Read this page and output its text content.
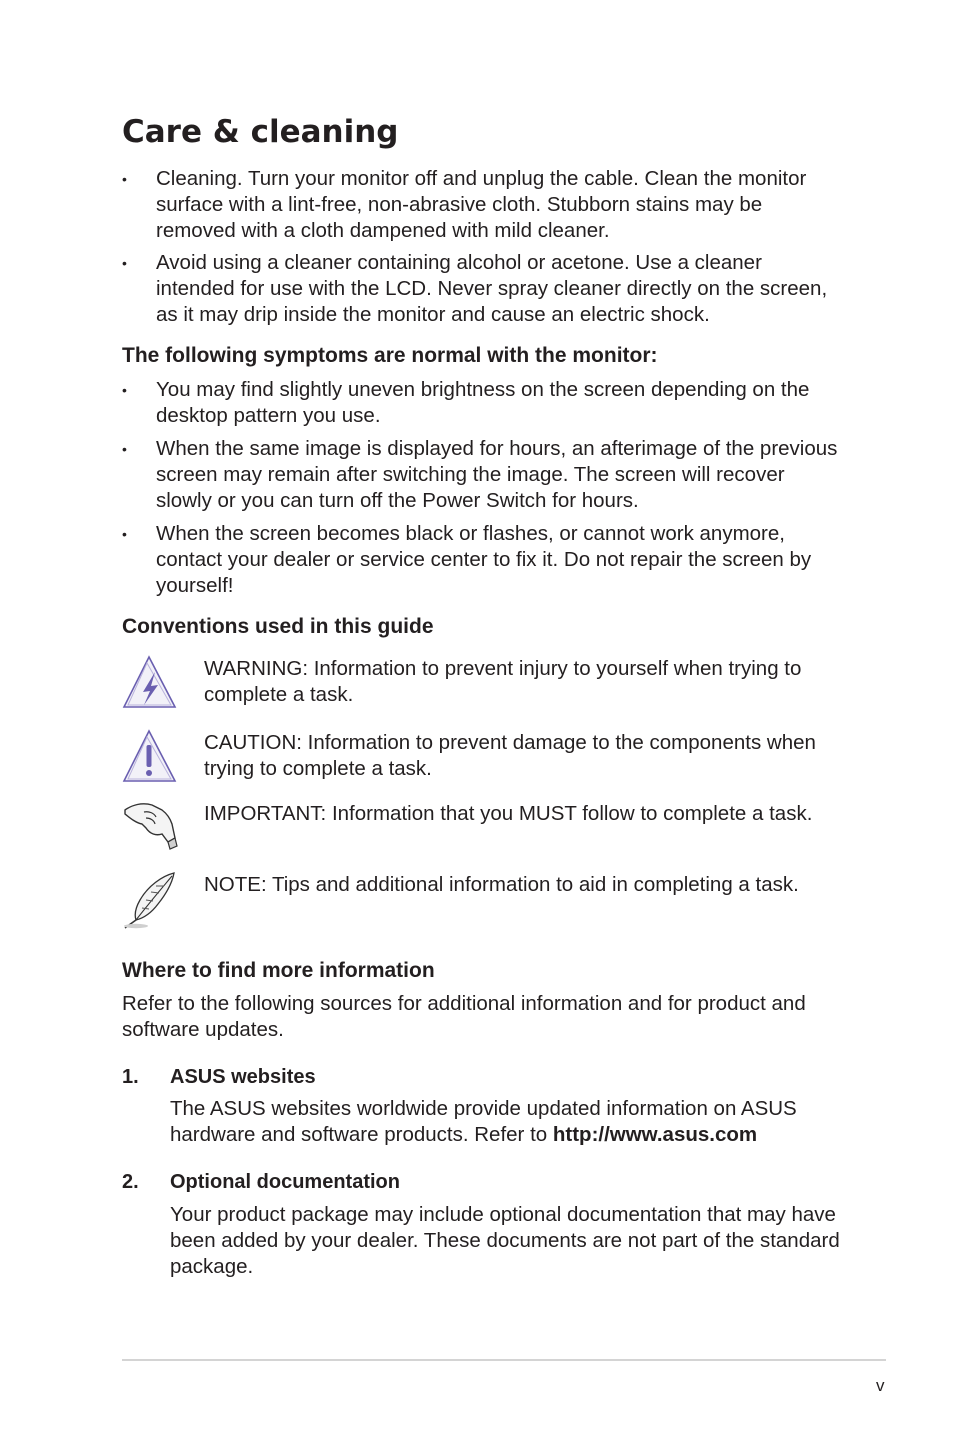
Care & cleaning
•	Cleaning. Turn your monitor off and unplug the cable. Clean the monitor surface with a lint-free, non-abrasive cloth. Stubborn stains may be removed with a cloth dampened with mild cleaner.
•	Avoid using a cleaner containing alcohol or acetone. Use a cleaner intended for use with the LCD. Never spray cleaner directly on the screen, as it may drip inside the monitor and cause an electric shock.
The following symptoms are normal with the monitor:
•	You may find slightly uneven brightness on the screen depending on the desktop pattern you use.
•	When the same image is displayed for hours, an afterimage of the previous screen may remain after switching the image. The screen will recover slowly or you can turn off the Power Switch for hours.
•	When the screen becomes black or flashes, or cannot work anymore, contact your dealer or service center to fix it. Do not repair the screen by yourself!
Conventions used in this guide
WARNING: Information to prevent injury to yourself when trying to complete a task.
CAUTION: Information to prevent damage to the components when trying to complete a task.
IMPORTANT: Information that you MUST follow to complete a task.
NOTE: Tips and additional information to aid in completing a task.
Where to find more information
Refer to the following sources for additional information and for product and software updates.
1. ASUS websites
The ASUS websites worldwide provide updated information on ASUS hardware and software products. Refer to http://www.asus.com
2. Optional documentation
Your product package may include optional documentation that may have been added by your dealer. These documents are not part of the standard package.
v
